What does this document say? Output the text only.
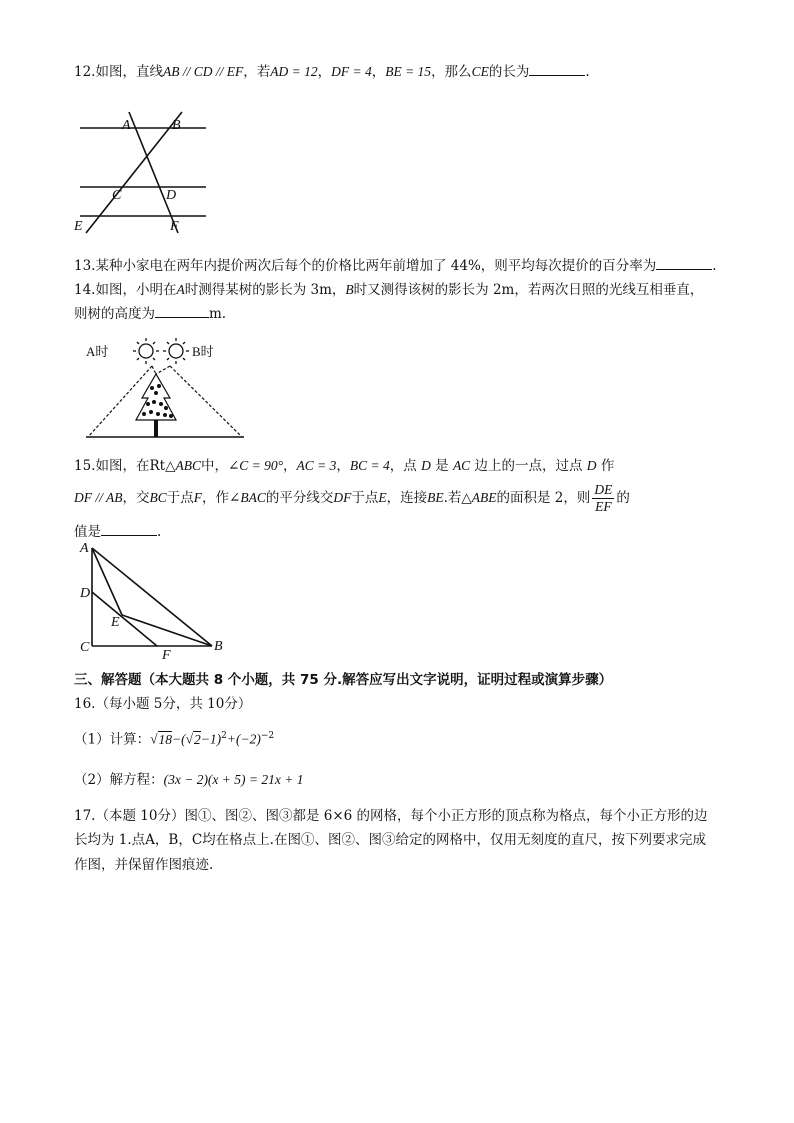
12.如图，直线AB // CD // EF，若AD = 12，DF = 4，BE = 15，那么CE的长为	.
A	B
C	D
E	F
13.某种小家电在两年内提价两次后每个的价格比两年前增加了 44%，则平均每次提价的百分率为	.
14.如图，小明在A时测得某树的影长为 3m，B时又测得该树的影长为 2m，若两次日照的光线互相垂直，
则树的高度为	m.
A时	B时
15.如图，在Rt△ABC中，∠C = 90°，AC = 3，BC = 4，点 D 是 AC 边上的一点，过点 D 作
DF // AB，交BC于点F，作∠BAC的平分线交DF于点E，连接BE.若△ABE的面积是 2，则 $\frac{DE}{EF}$ 的
值是	.
A
D
E
C
F
B
三、解答题（本大题共 8 个小题，共 75 分.解答应写出文字说明，证明过程或演算步骤）
16.（每小题 5分，共 10分）
（1）计算：$√18-(√2-1)^2+(-2)^{-2}$
（2）解方程：(3x − 2)(x + 5) = 21x + 1
17.（本题 10分）图①、图②、图③都是 6×6 的网格，每个小正方形的顶点称为格点，每个小正方形的边
长均为 1.点A，B，C均在格点上.在图①、图②、图③给定的网格中，仅用无刻度的直尺，按下列要求完成
作图，并保留作图痕迹.
